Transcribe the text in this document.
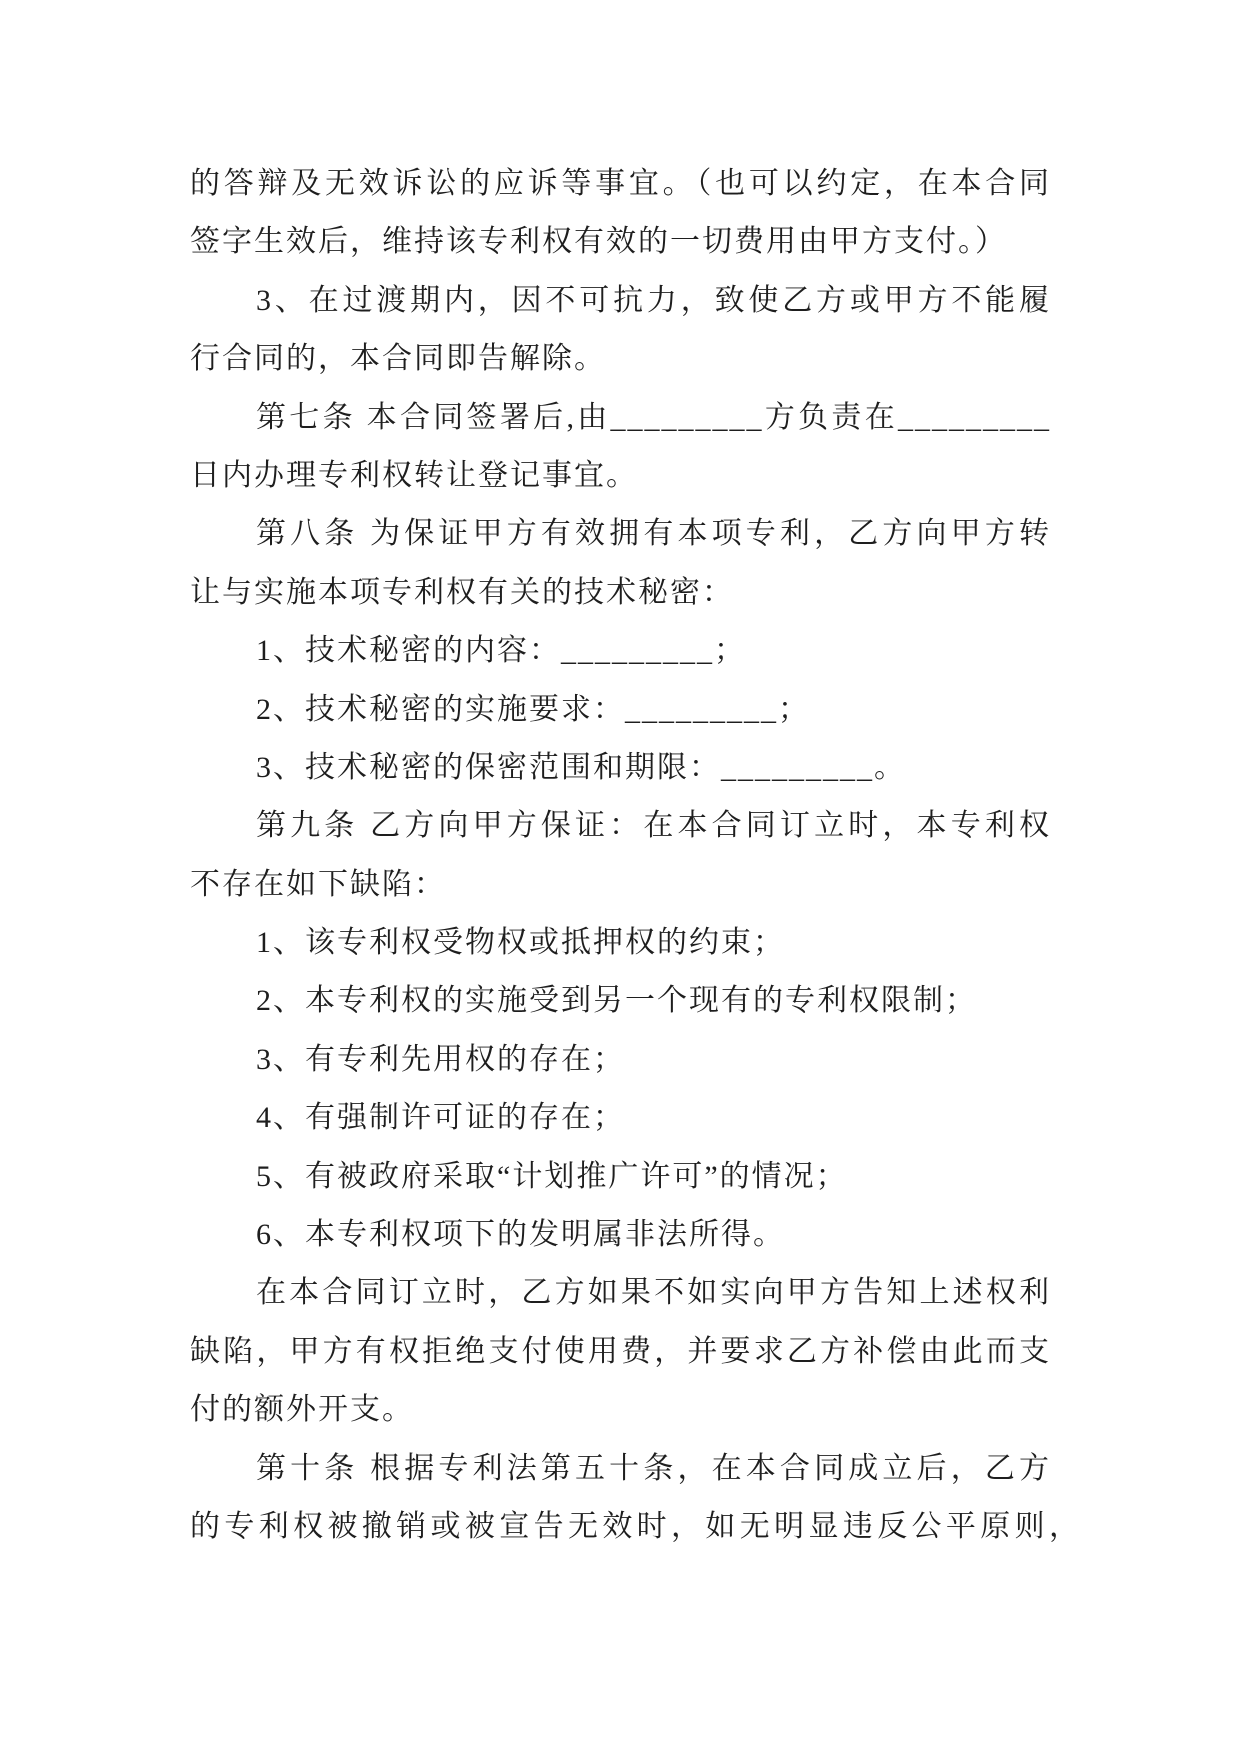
的答辩及无效诉讼的应诉等事宜。（也可以约定，在本合同
签字生效后，维持该专利权有效的一切费用由甲方支付。）
3、在过渡期内，因不可抗力，致使乙方或甲方不能履
行合同的，本合同即告解除。
第七条 本合同签署后,由_________方负责在_________
日内办理专利权转让登记事宜。
第八条 为保证甲方有效拥有本项专利，乙方向甲方转
让与实施本项专利权有关的技术秘密：
1、技术秘密的内容：_________；
2、技术秘密的实施要求：_________；
3、技术秘密的保密范围和期限：_________。
第九条 乙方向甲方保证：在本合同订立时，本专利权
不存在如下缺陷：
1、该专利权受物权或抵押权的约束；
2、本专利权的实施受到另一个现有的专利权限制；
3、有专利先用权的存在；
4、有强制许可证的存在；
5、有被政府采取“计划推广许可”的情况；
6、本专利权项下的发明属非法所得。
在本合同订立时，乙方如果不如实向甲方告知上述权利
缺陷，甲方有权拒绝支付使用费，并要求乙方补偿由此而支
付的额外开支。
第十条 根据专利法第五十条，在本合同成立后，乙方
的专利权被撤销或被宣告无效时，如无明显违反公平原则，
